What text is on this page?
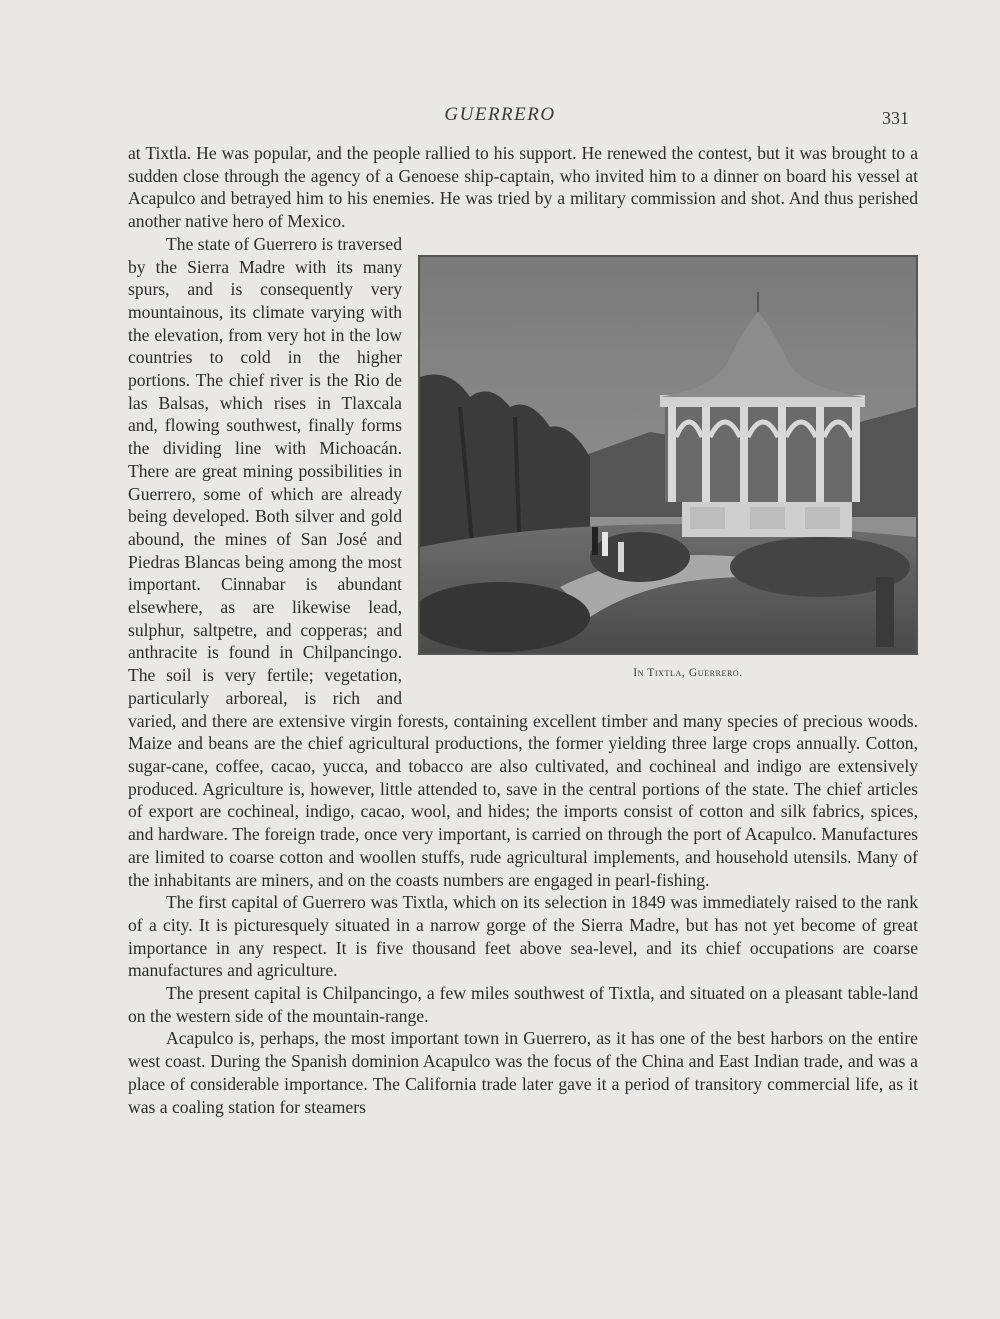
GUERRERO	331

at Tixtla. He was popular, and the people rallied to his support. He renewed the contest, but it was brought to a sudden close through the agency of a Genoese ship-captain, who invited him to a dinner on board his vessel at Acapulco and betrayed him to his enemies. He was tried by a military commission and shot. And thus perished another native hero of Mexico.

In Tixtla, Guerrero.
The state of Guerrero is traversed by the Sierra Madre with its many spurs, and is consequently very mountainous, its climate varying with the elevation, from very hot in the low countries to cold in the higher portions. The chief river is the Rio de las Balsas, which rises in Tlaxcala and, flowing southwest, finally forms the dividing line with Michoacán. There are great mining possibilities in Guerrero, some of which are already being developed. Both silver and gold abound, the mines of San José and Piedras Blancas being among the most important. Cinnabar is abundant elsewhere, as are likewise lead, sulphur, saltpetre, and copperas; and anthracite is found in Chilpancingo. The soil is very fertile; vegetation, particularly arboreal, is rich and varied, and there are extensive virgin forests, containing excellent timber and many species of precious woods. Maize and beans are the chief agricultural productions, the former yielding three large crops annually. Cotton, sugar-cane, coffee, cacao, yucca, and tobacco are also cultivated, and cochineal and indigo are extensively produced. Agriculture is, however, little attended to, save in the central portions of the state. The chief articles of export are cochineal, indigo, cacao, wool, and hides; the imports consist of cotton and silk fabrics, spices, and hardware. The foreign trade, once very important, is carried on through the port of Acapulco. Manufactures are limited to coarse cotton and woollen stuffs, rude agricultural implements, and household utensils. Many of the inhabitants are miners, and on the coasts numbers are engaged in pearl-fishing.

The first capital of Guerrero was Tixtla, which on its selection in 1849 was immediately raised to the rank of a city. It is picturesquely situated in a narrow gorge of the Sierra Madre, but has not yet become of great importance in any respect. It is five thousand feet above sea-level, and its chief occupations are coarse manufactures and agriculture.

The present capital is Chilpancingo, a few miles southwest of Tixtla, and situated on a pleasant table-land on the western side of the mountain-range.

Acapulco is, perhaps, the most important town in Guerrero, as it has one of the best harbors on the entire west coast. During the Spanish dominion Acapulco was the focus of the China and East Indian trade, and was a place of considerable importance. The California trade later gave it a period of transitory commercial life, as it was a coaling station for steamers
